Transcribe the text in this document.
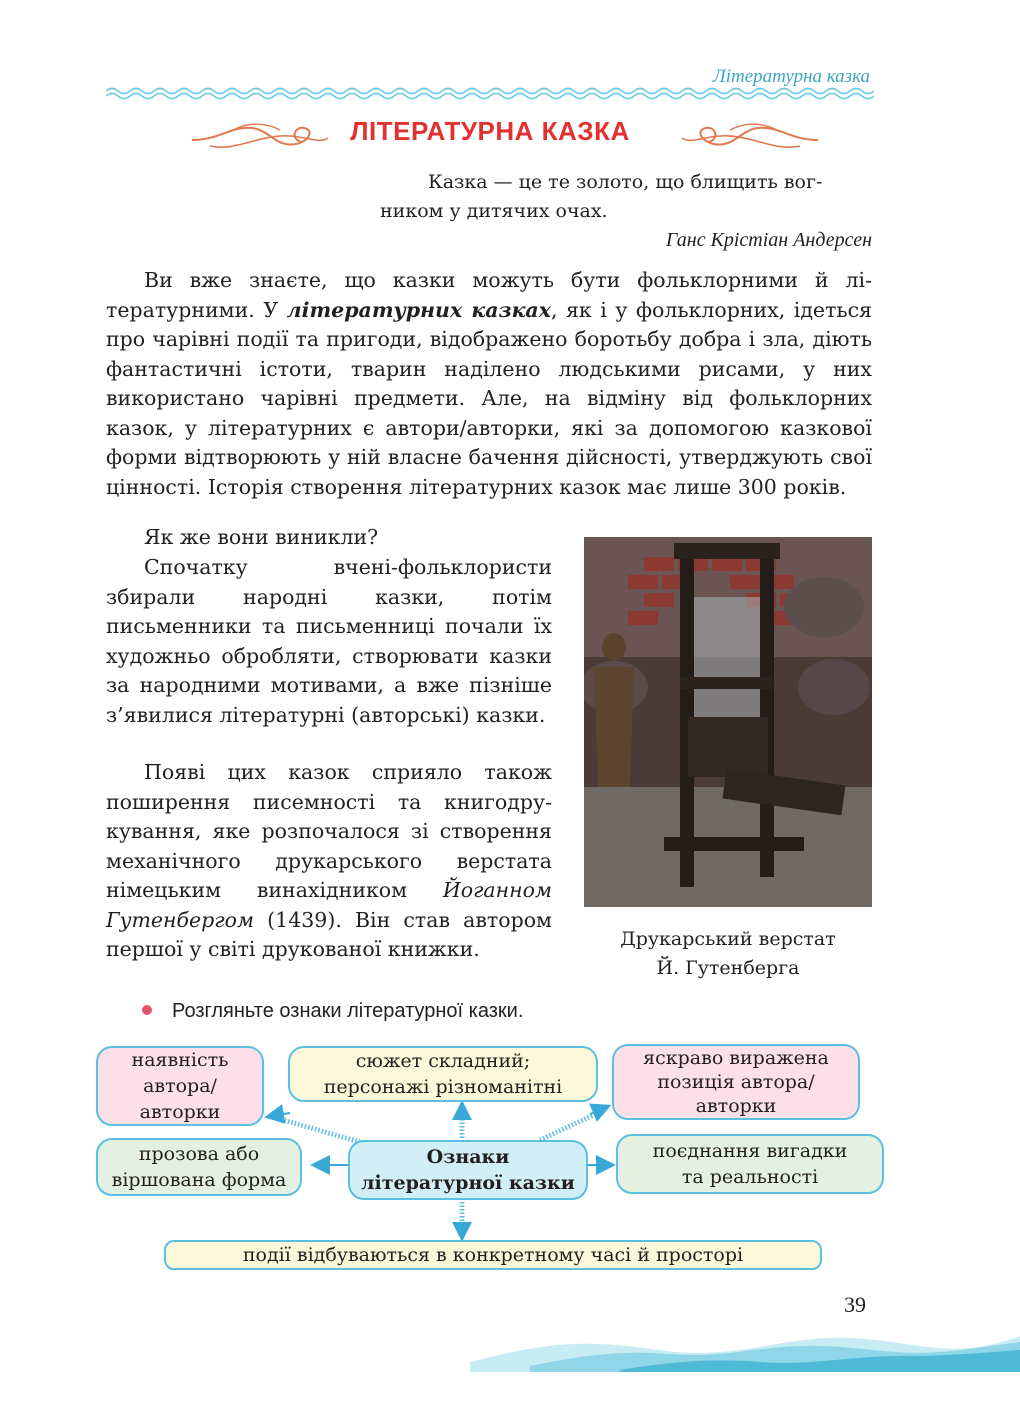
Літературна казка
ЛІТЕРАТУРНА КАЗКА
Казка — це те золото, що блищить вог-
ником у дитячих очах.
Ганс Крістіан Андерсен
Ви вже знаєте, що казки можуть бути фольклорними й літературними. У літературних казках, як і у фольклорних, ідеться про чарівні події та пригоди, відображено боротьбу добра і зла, діють фантастичні істоти, тварин наділено людськими рисами, у них використано чарівні предмети. Але, на відміну від фольклорних казок, у літературних є автори/авторки, які за допомогою казкової форми відтворюють у ній власне бачення дійсності, утверджують свої цінності. Історія створення літературних казок має лише 300 років.
Як же вони виникли?
Спочатку вчені-фольклористи збирали народні казки, потім письменники та письменниці почали їх художньо обробляти, створювати казки за народними мотивами, а вже пізніше з’явилися літературні (авторські) казки.
Появі цих казок сприяло також поширення писемності та книгодрукування, яке розпочалося зі створення механічного друкарського верстата німецьким винахідником Йоганном Гутенбергом (1439). Він став автором першої у світі друкованої книжки.	Друкарський верстат
Й. Гутенберга
Розгляньте ознаки літературної казки.
наявність
автора/
авторки
сюжет складний;
персонажі різноманітні
яскраво виражена
позиція автора/
авторки
прозова або
віршована форма
Ознаки
літературної казки
поєднання вигадки
та реальності
події відбуваються в конкретному часі й просторі
39
